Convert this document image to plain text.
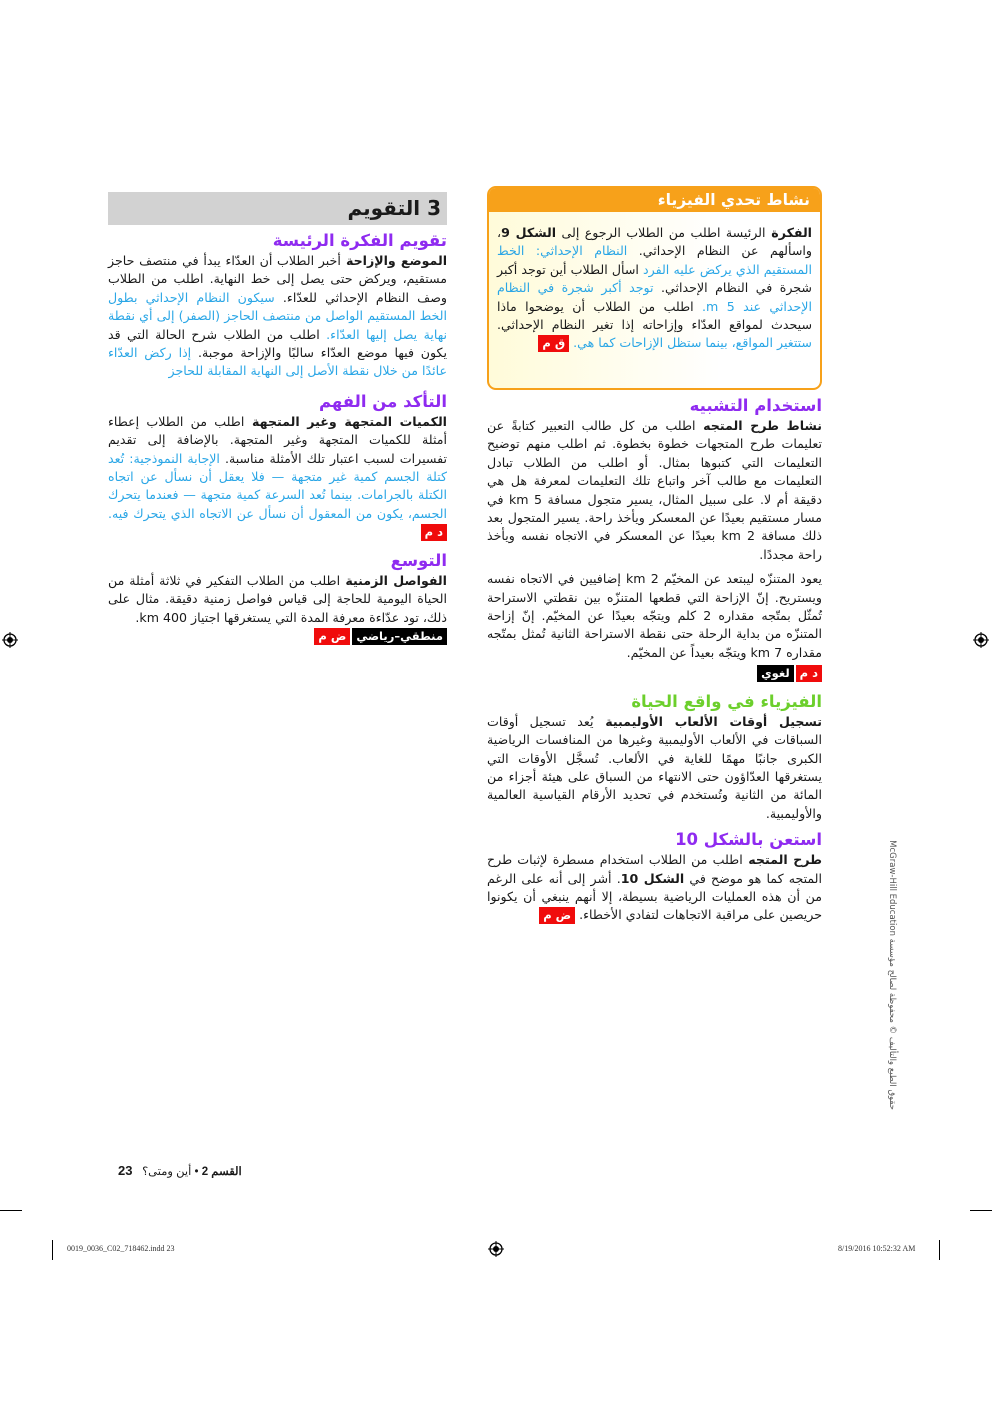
3 التقويم
تقويم الفكرة الرئيسة

الموضع والإزاحة أخبر الطلاب أن العدّاء يبدأ في منتصف حاجز مستقيم، ويركض حتى يصل إلى خط النهاية. اطلب من الطلاب وصف النظام الإحداثي للعدّاء. سيكون النظام الإحداثي بطول الخط المستقيم الواصل من منتصف الحاجز (الصفر) إلى أي نقطة نهاية يصل إليها العدّاء. اطلب من الطلاب شرح الحالة التي قد يكون فيها موضع العدّاء سالبًا والإزاحة موجبة. إذا ركض العدّاء عائدًا من خلال نقطة الأصل إلى النهاية المقابلة للحاجز

التأكد من الفهم

الكميات المتجهة وغير المتجهة اطلب من الطلاب إعطاء أمثلة للكميات المتجهة وغير المتجهة. بالإضافة إلى تقديم تفسيرات لسبب اعتبار تلك الأمثلة مناسبة. الإجابة النموذجية: تُعد كتلة الجسم كمية غير متجهة — فلا يعقل أن نسأل عن اتجاه الكتلة بالجرامات. بينما تُعد السرعة كمية متجهة — فعندما يتحرك الجسم، يكون من المعقول أن نسأل عن الاتجاه الذي يتحرك فيه. د م

التوسع

الفواصل الزمنية اطلب من الطلاب التفكير في ثلاثة أمثلة من الحياة اليومية للحاجة إلى قياس فواصل زمنية دقيقة. مثال على ذلك، تود عدّاءة معرفة المدة التي يستغرقها اجتياز 400 km.

منطقي–رياضيض م
نشاط تحدي الفيزياء

الفكرة الرئيسة اطلب من الطلاب الرجوع إلى الشكل 9، واسألهم عن النظام الإحداثي. النظام الإحداثي: الخط المستقيم الذي يركض عليه الفرد اسأل الطلاب أين توجد أكبر شجرة في النظام الإحداثي. توجد أكبر شجرة في النظام الإحداثي عند 5 m. اطلب من الطلاب أن يوضحوا ماذا سيحدث لمواقع العدّاء وإزاحاته إذا تغير النظام الإحداثي. ستتغير المواقع، بينما ستظل الإزاحات كما هي. ق م

استخدام التشبيه

نشاط طرح المتجه اطلب من كل طالب التعبير كتابةً عن تعليمات طرح المتجهات خطوة بخطوة. ثم اطلب منهم توضيح التعليمات التي كتبوها بمثال. أو اطلب من الطلاب تبادل التعليمات مع طالب آخر واتباع تلك التعليمات لمعرفة هل هي دقيقة أم لا. على سبيل المثال، يسير متجول مسافة 5 km في مسار مستقيم بعيدًا عن المعسكر ويأخذ راحة. يسير المتجول بعد ذلك مسافة 2 km بعيدًا عن المعسكر في الاتجاه نفسه ويأخذ راحة مجددًا.

يعود المتنزّه ليبتعد عن المخيّم 2 km إضافيين في الاتجاه نفسه ويستريح. إنّ الإزاحة التي قطعها المتنزّه بين نقطتي الاستراحة تُمثّل بمتّجه مقداره 2 كلم ويتجّه بعيدًا عن المخيّم. إنّ إزاحة المتنزّه من بداية الرحلة حتى نقطة الاستراحة الثانية تُمثل بمتّجه مقداره 7 km ويتجّه بعيداً عن المخيّم.

د ملغوي
الفيزياء في واقع الحياة

تسجيل أوقات الألعاب الأوليمبية يُعد تسجيل أوقات السباقات في الألعاب الأوليمبية وغيرها من المنافسات الرياضية الكبرى جانبًا مهمًا للغاية في الألعاب. تُسجَّل الأوقات التي يستغرقها العدّاؤون حتى الانتهاء من السباق على هيئة أجزاء من المائة من الثانية وتُستخدم في تحديد الأرقام القياسية العالمية والأوليمبية.

استعن بالشكل 10

طرح المتجه اطلب من الطلاب استخدام مسطرة لإثبات طرح المتجه كما هو موضح في الشكل 10. أشر إلى أنه على الرغم من أن هذه العمليات الرياضية بسيطة، إلا أنهم ينبغي أن يكونوا حريصين على مراقبة الاتجاهات لتفادي الأخطاء. ض م	حقوق الطبع والتأليف © محفوظة لصالح مؤسسة McGraw-Hill Education
القسم 2 • أين ومتى؟   23
0019_0036_C02_718462.indd 23	8/19/2016 10:52:32 AM
